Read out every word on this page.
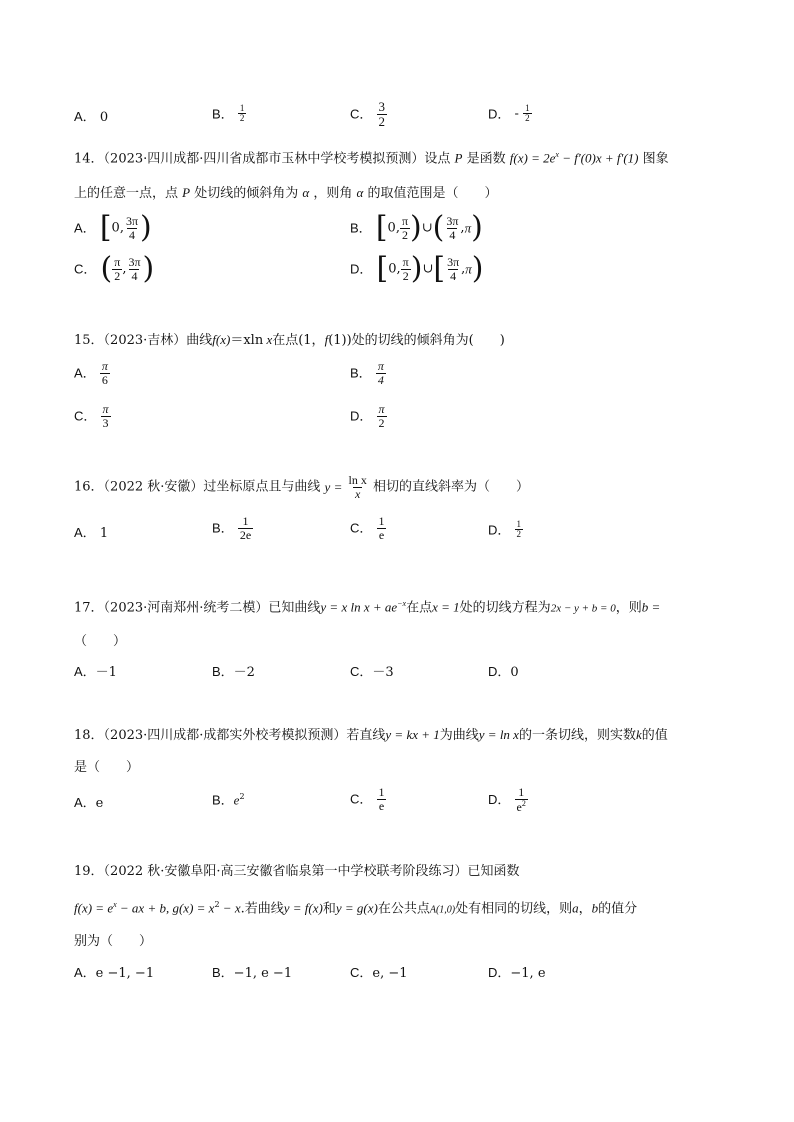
A． 0	B． $\frac{1}{2}$	C． $\frac{3}{2}$	D． - $\frac{1}{2}$
14．（2023·四川成都·四川省成都市玉林中学校考模拟预测）设点 P 是函数 $f(x) = 2e^x - f'(0)x + f'(1)$ 图象
上的任意一点，点 P 处切线的倾斜角为 α ，则角 α 的取值范围是（　　）
A． [0, $\frac{3\pi}{4}$ )	B． [0, $\frac{\pi}{2}$ )∪( $\frac{3\pi}{4} ,\pi$)
C． ( $\frac{\pi}{2}$ , $\frac{3\pi}{4}$ )	D． [0, $\frac{\pi}{2}$ )∪[ $\frac{3\pi}{4} ,\pi$)
15．（2023·吉林）曲线f(x)＝xln x在点(1，f(1))处的切线的倾斜角为(　　)
A． $\frac{\pi}{6}$	B． $\frac{\pi}{4}$
C． $\frac{\pi}{3}$	D． $\frac{\pi}{2}$
16．（2022 秋·安徽）过坐标原点且与曲线 $y = \frac{\text{ln x}}{x}$ 相切的直线斜率为（　　）
A． 1	B． $\frac{1}{2e}$	C． $\frac{1}{e}$	D． $\frac{1}{2}$
17．（2023·河南郑州·统考二模）已知曲线y = x $\ln x + ae^{-x}$在点x = 1处的切线方程为2x − y + b = 0，则b =
（　　）
A．－1	B．－2	C．－3	D．0
18．（2023·四川成都·成都实外校考模拟预测）若直线y = kx + 1为曲线y = ln x的一条切线，则实数k的值
是（　　）
A．e	B．$e^2$	C． $\frac{1}{e}$	D． $\frac{1}{e^2}$
19．（2022 秋·安徽阜阳·高三安徽省临泉第一中学校联考阶段练习）已知函数
$f(x) = e^x$ − ax + b, $g(x) = x^2 - x$.若曲线y = f(x)和y = g(x)在公共点A(1,0)处有相同的切线，则a，b的值分
别为（　　）
A．e −1, −1	B．−1, e −1	C．e, −1	D．−1, e
